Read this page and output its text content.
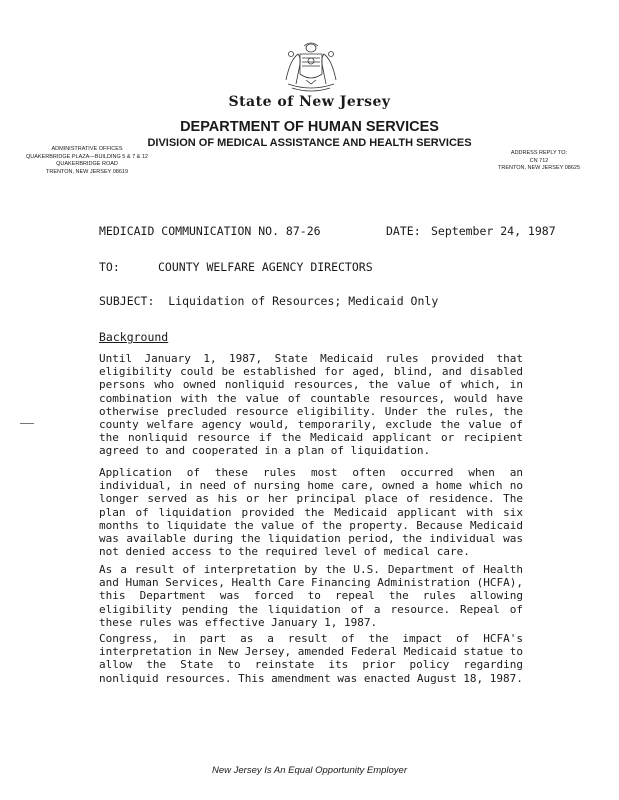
State of New Jersey
DEPARTMENT OF HUMAN SERVICES
DIVISION OF MEDICAL ASSISTANCE AND HEALTH SERVICES
ADMINISTRATIVE OFFICES
QUAKERBRIDGE PLAZA—BUILDING 5 & 7 & 12
QUAKERBRIDGE ROAD
TRENTON, NEW JERSEY 08619
ADDRESS REPLY TO:
CN 712
TRENTON, NEW JERSEY 08625
MEDICAID COMMUNICATION NO. 87-26	DATE: September 24, 1987
TO:	COUNTY WELFARE AGENCY DIRECTORS
SUBJECT:  Liquidation of Resources; Medicaid Only
Background

Until January 1, 1987, State Medicaid rules provided that eligibility could be established for aged, blind, and disabled persons who owned nonliquid resources, the value of which, in combination with the value of countable resources, would have otherwise precluded resource eligibility. Under the rules, the county welfare agency would, temporarily, exclude the value of the nonliquid resource if the Medicaid applicant or recipient agreed to and cooperated in a plan of liquidation.

Application of these rules most often occurred when an individual, in need of nursing home care, owned a home which no longer served as his or her principal place of residence. The plan of liquidation provided the Medicaid applicant with six months to liquidate the value of the property. Because Medicaid was available during the liquidation period, the individual was not denied access to the required level of medical care.

As a result of interpretation by the U.S. Department of Health and Human Services, Health Care Financing Administration (HCFA), this Department was forced to repeal the rules allowing eligibility pending the liquidation of a resource. Repeal of these rules was effective January 1, 1987.

Congress, in part as a result of the impact of HCFA's interpretation in New Jersey, amended Federal Medicaid statue to allow the State to reinstate its prior policy regarding nonliquid resources. This amendment was enacted August 18, 1987.

New Jersey Is An Equal Opportunity Employer
